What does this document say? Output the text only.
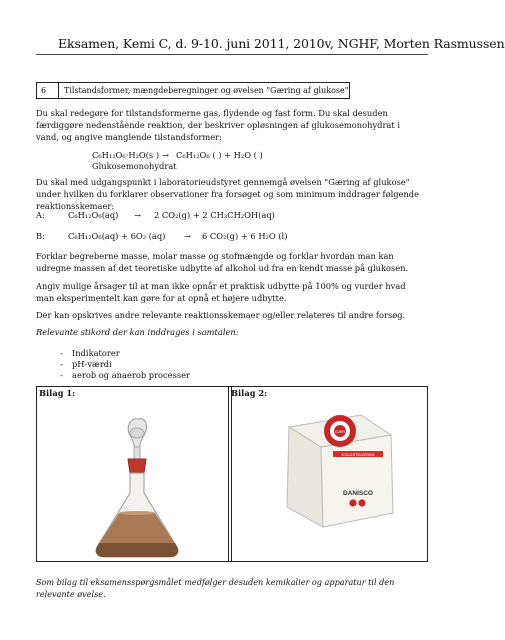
Eksamen, Kemi C, d. 9-10. juni 2011, 2010v, NGHF, Morten Rasmussen
6	Tilstandsformer, mængdeberegninger og øvelsen "Gæring af glukose"
Du skal redegøre for tilstandsformerne gas, flydende og fast form. Du skal desuden færdiggøre nedenstående reaktion, der beskriver opløsningen af glukosemonohydrat i vand, og angive manglende tilstandsformer:
C₆H₁₂O₆·H₂O(s ) → C₆H₁₂O₆ ( ) + H₂O ( )
Glukosemonohydrat
Du skal med udgangspunkt i laboratorieudstyret gennemgå øvelsen "Gæring af glukose" under hvilken du forklarer observationer fra forsøget og som minimum inddrager følgende reaktionsskemaer:
A:	C₆H₁₂O₆(aq) → 2 CO₂(g) + 2 CH₃CH₂OH(aq)
B:	C₆H₁₂O₆(aq) + 6O₂ (aq) → 6 CO₂(g) + 6 H₂O (l)
Forklar begreberne masse, molar masse og stofmængde og forklar hvordan man kan udregne massen af det teoretiske udbytte af alkohol ud fra en kendt masse på glukosen.
Angiv mulige årsager til at man ikke opnår et praktisk udbytte på 100% og vurder hvad man eksperimentelt kan gøre for at opnå et højere udbytte.
Der kan opskrives andre relevante reaktionsskemaer og/eller relateres til andre forsøg.
Relevante stikord der kan inddrages i samtalen:
- Indikatorer
- pH-værdi
- aerob og anaerob processer
Bilag 1:	Bilag 2:
GÆR
KOLDSTEGEREN
DANISCO
Som bilag til eksamensspørgsmålet medfølger desuden kemikalier og apparatur til den relevante øvelse.
